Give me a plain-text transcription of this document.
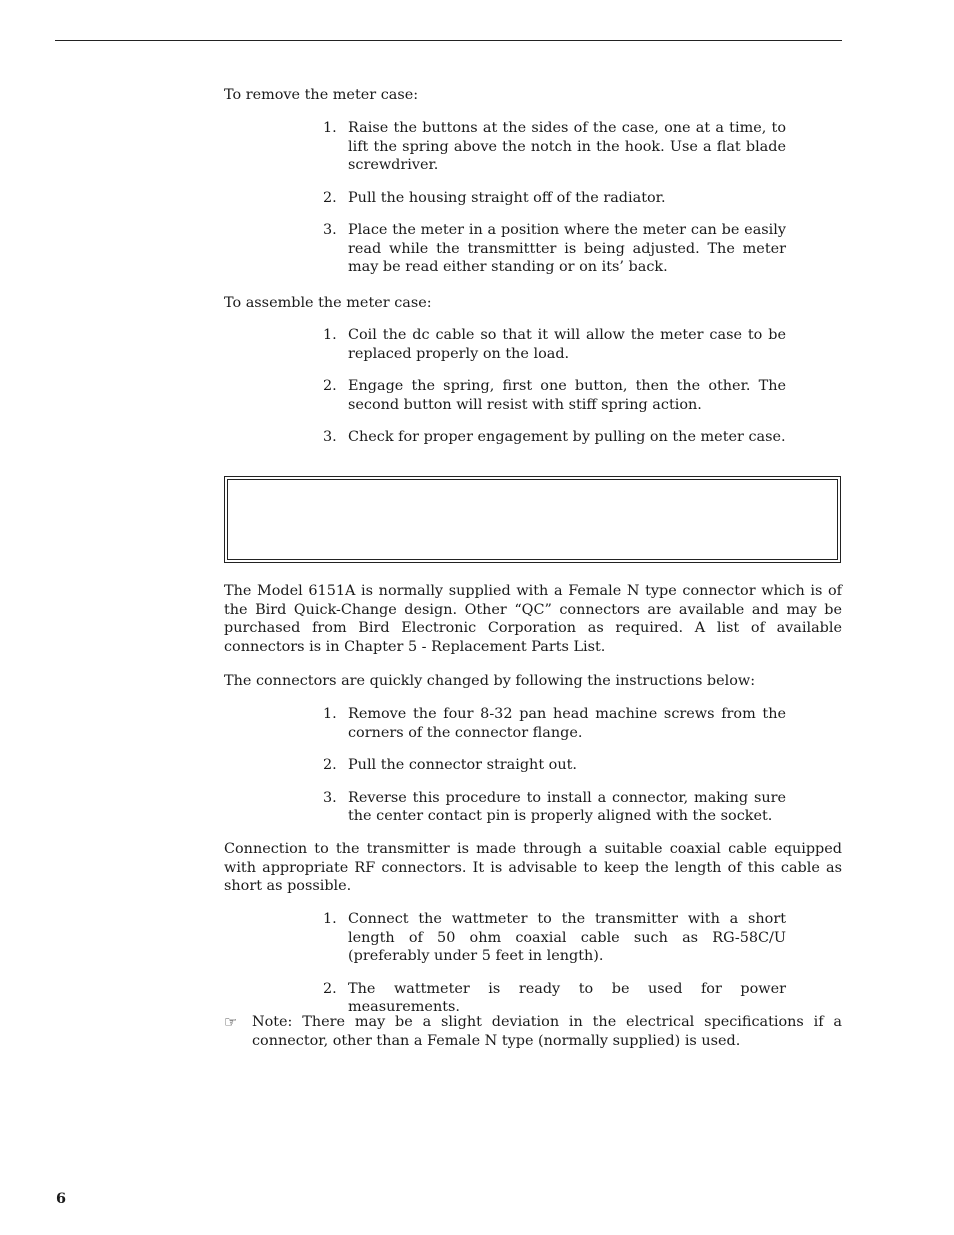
To remove the meter case:

1. Raise the buttons at the sides of the case, one at a time, to lift the spring above the notch in the hook. Use a flat blade screwdriver.
2. Pull the housing straight off of the radiator.
3. Place the meter in a position where the meter can be easily read while the transmittter is being adjusted. The meter may be read either standing or on its’ back.

To assemble the meter case:

1. Coil the dc cable so that it will allow the meter case to be replaced properly on the load.
2. Engage the spring, first one button, then the other. The second button will resist with stiff spring action.
3. Check for proper engagement by pulling on the meter case.

The Model 6151A is normally supplied with a Female N type connector which is of the Bird Quick-Change design. Other “QC” connectors are available and may be purchased from Bird Electronic Corporation as required. A list of available connectors is in Chapter 5 - Replacement Parts List.

The connectors are quickly changed by following the instructions below:

1. Remove the four 8-32 pan head machine screws from the corners of the connector flange.
2. Pull the connector straight out.
3. Reverse this procedure to install a connector, making sure the center contact pin is properly aligned with the socket.

Connection to the transmitter is made through a suitable coaxial cable equipped with appropriate RF connectors. It is advisable to keep the length of this cable as short as possible.

1. Connect the wattmeter to the transmitter with a short length of 50 ohm coaxial cable such as RG-58C/U (preferably under 5 feet in length).
2. The wattmeter is ready to be used for power measurements.
☞ Note: There may be a slight deviation in the electrical specifications if a connector, other than a Female N type (normally supplied) is used.
6
